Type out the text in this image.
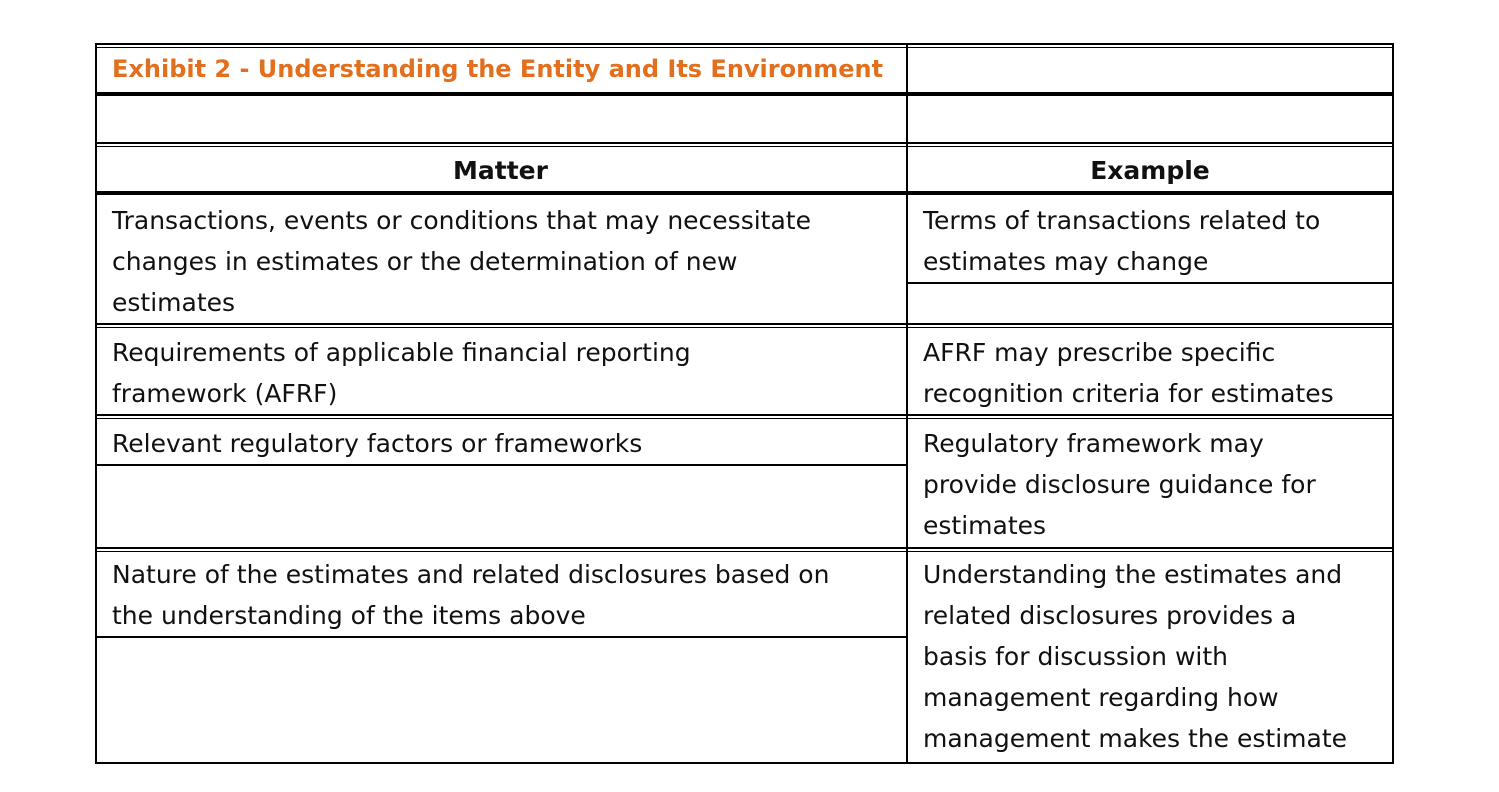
Exhibit 2 - Understanding the Entity and Its Environment

Matter	Example

Transactions, events or conditions that may necessitate
changes in estimates or the determination of new
estimates
Terms of transactions related to
estimates may change
Requirements of applicable financial reporting
framework (AFRF)
AFRF may prescribe specific
recognition criteria for estimates
Relevant regulatory factors or frameworks	Regulatory framework may
provide disclosure guidance for
estimates
Nature of the estimates and related disclosures based on
the understanding of the items above
Understanding the estimates and
related disclosures provides a
basis for discussion with
management regarding how
management makes the estimate
